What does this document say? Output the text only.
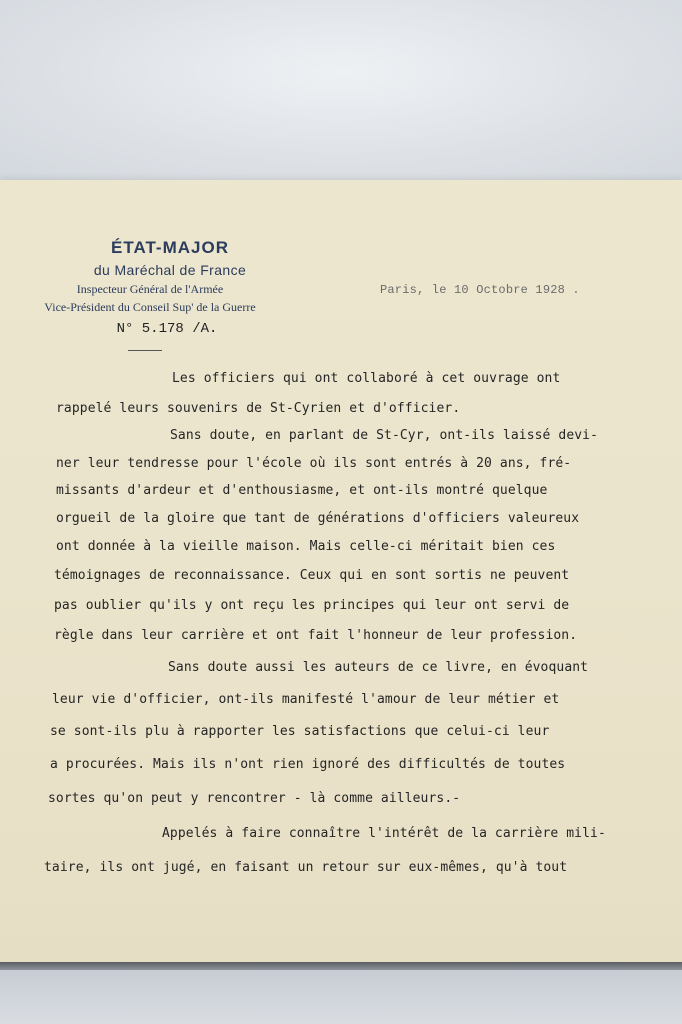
ÉTAT-MAJOR
du Maréchal de France
Inspecteur Général de l'Armée
Vice-Président du Conseil Sup' de la Guerre
N° 5.178 /A.
Paris, le 10 Octobre 1928 .
Les officiers qui ont collaboré à cet ouvrage ont
rappelé leurs souvenirs de St-Cyrien et d'officier.
Sans doute, en parlant de St-Cyr, ont-ils laissé devi-
ner leur tendresse pour l'école où ils sont entrés à 20 ans, fré-
missants d'ardeur et d'enthousiasme, et ont-ils montré quelque
orgueil de la gloire que tant de générations d'officiers valeureux
ont donnée à la vieille maison. Mais celle-ci méritait bien ces
témoignages de reconnaissance. Ceux qui en sont sortis ne peuvent
pas oublier qu'ils y ont reçu les principes qui leur ont servi de
règle dans leur carrière et ont fait l'honneur de leur profession.
Sans doute aussi les auteurs de ce livre, en évoquant
leur vie d'officier, ont-ils manifesté l'amour de leur métier et
se sont-ils plu à rapporter les satisfactions que celui-ci leur
a procurées. Mais ils n'ont rien ignoré des difficultés de toutes
sortes qu'on peut y rencontrer - là comme ailleurs.-
Appelés à faire connaître l'intérêt de la carrière mili-
taire, ils ont jugé, en faisant un retour sur eux-mêmes, qu'à tout
